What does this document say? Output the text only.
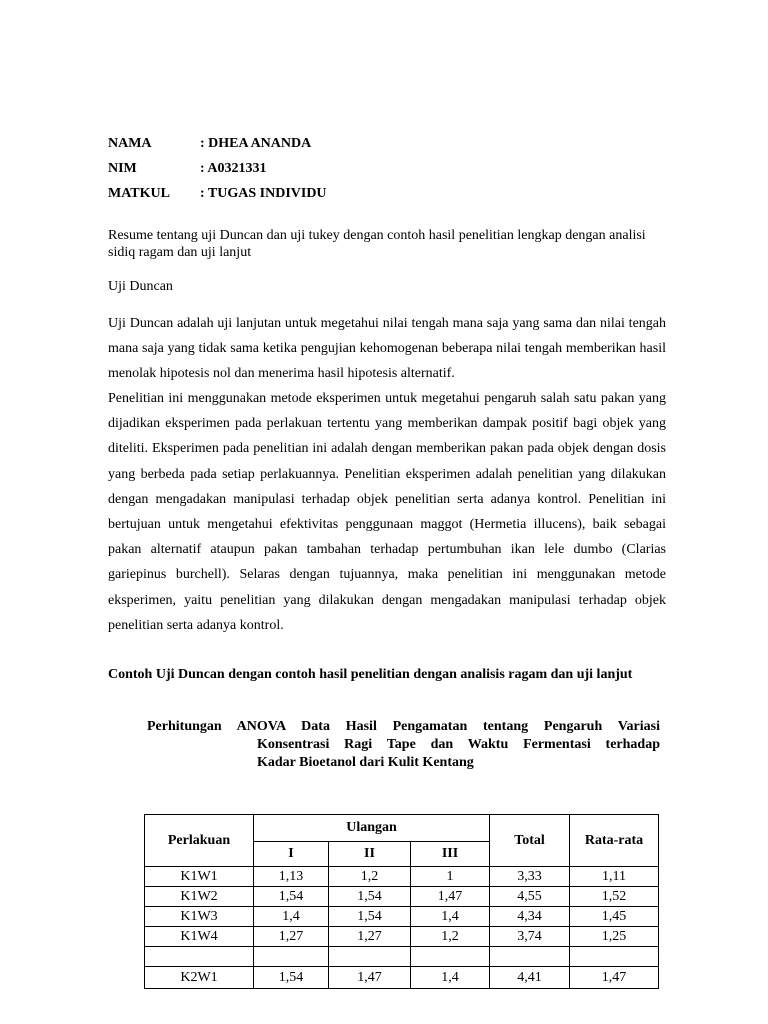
NAMA	: DHEA ANANDA
NIM	: A0321331
MATKUL : TUGAS INDIVIDU
Resume tentang uji Duncan dan uji tukey dengan contoh hasil penelitian lengkap dengan analisi sidiq ragam dan uji lanjut
Uji Duncan
Uji Duncan adalah uji lanjutan untuk megetahui nilai tengah mana saja yang sama dan nilai tengah mana saja yang tidak sama ketika pengujian kehomogenan beberapa nilai tengah memberikan hasil menolak hipotesis nol dan menerima hasil hipotesis alternatif.
Penelitian ini menggunakan metode eksperimen untuk megetahui pengaruh salah satu pakan yang dijadikan eksperimen pada perlakuan tertentu yang memberikan dampak positif bagi objek yang diteliti. Eksperimen pada penelitian ini adalah dengan memberikan pakan pada objek dengan dosis yang berbeda pada setiap perlakuannya. Penelitian eksperimen adalah penelitian yang dilakukan dengan mengadakan manipulasi terhadap objek penelitian serta adanya kontrol. Penelitian ini bertujuan untuk mengetahui efektivitas penggunaan maggot (Hermetia illucens), baik sebagai pakan alternatif ataupun pakan tambahan terhadap pertumbuhan ikan lele dumbo (Clarias gariepinus burchell). Selaras dengan tujuannya, maka penelitian ini menggunakan metode eksperimen, yaitu penelitian yang dilakukan dengan mengadakan manipulasi terhadap objek penelitian serta adanya kontrol.
Contoh Uji Duncan dengan contoh hasil penelitian dengan analisis ragam dan uji lanjut
Perhitungan ANOVA Data Hasil Pengamatan tentang Pengaruh Variasi
Konsentrasi Ragi Tape dan Waktu Fermentasi terhadap
Kadar Bioetanol dari Kulit Kentang
Perlakuan	Ulangan			Total	Rata-rata
	I	II	III		
K1W1	1,13	1,2	1	3,33	1,11
K1W2	1,54	1,54	1,47	4,55	1,52
K1W3	1,4	1,54	1,4	4,34	1,45
K1W4	1,27	1,27	1,2	3,74	1,25

K2W1	1,54	1,47	1,4	4,41	1,47
